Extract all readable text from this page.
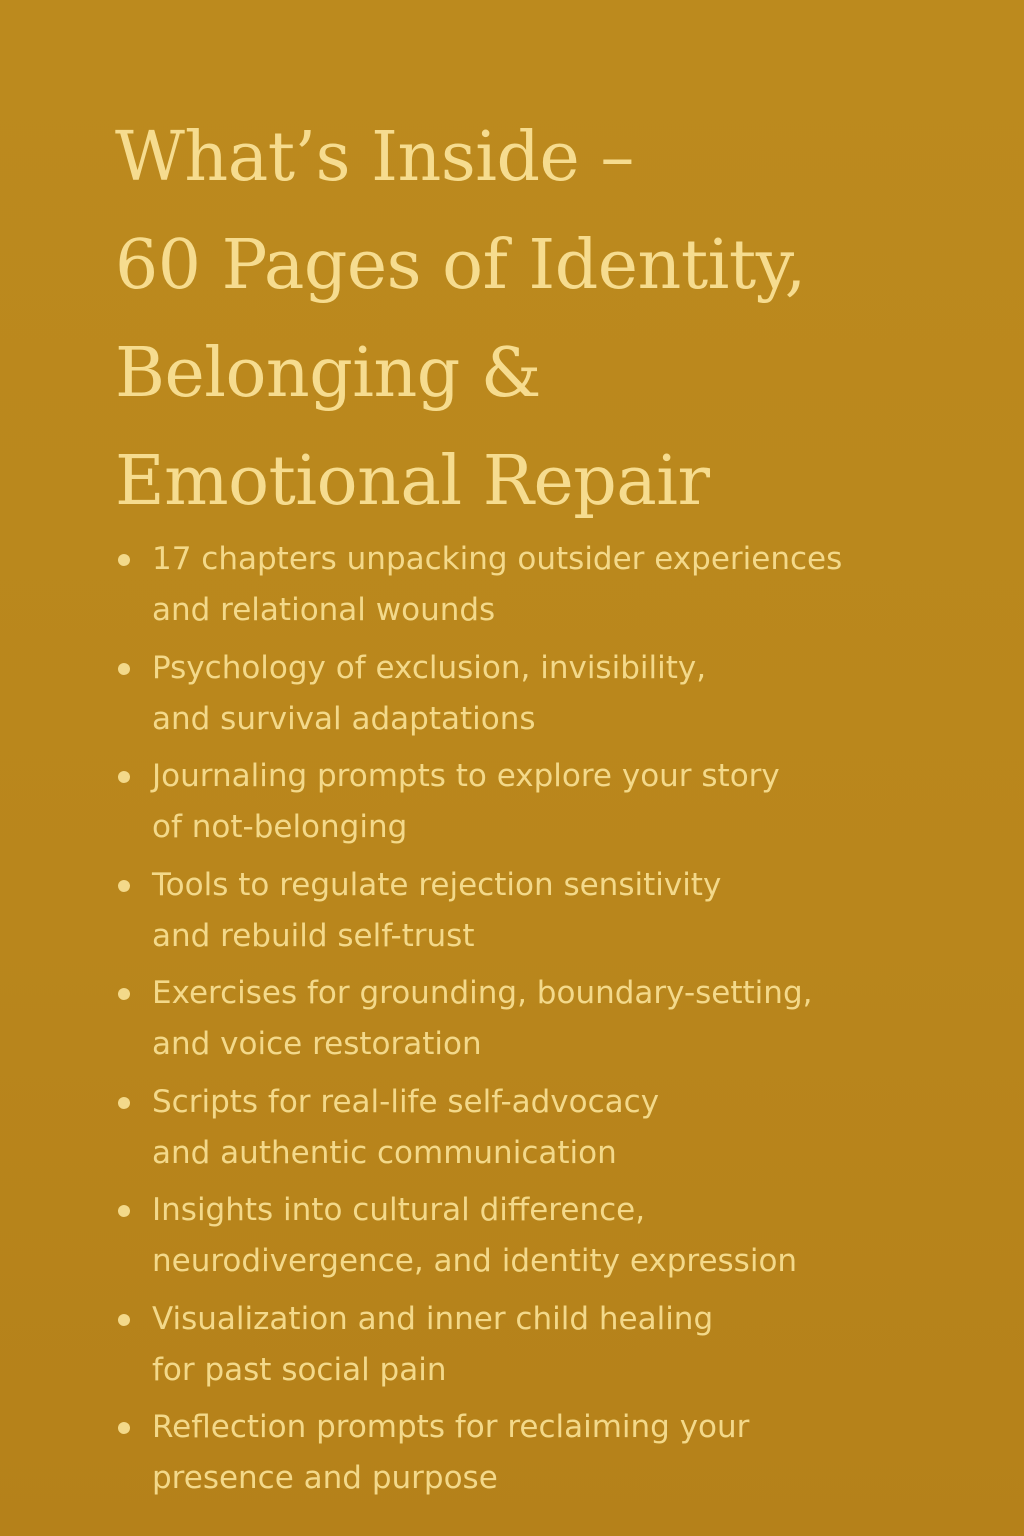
What’s Inside –
60 Pages of Identity,
Belonging &
Emotional Repair
17 chapters unpacking outsider experiences
and relational wounds
Psychology of exclusion, invisibility,
and survival adaptations
Journaling prompts to explore your story
of not-belonging
Tools to regulate rejection sensitivity
and rebuild self-trust
Exercises for grounding, boundary-setting,
and voice restoration
Scripts for real-life self-advocacy
and authentic communication
Insights into cultural difference,
neurodivergence, and identity expression
Visualization and inner child healing
for past social pain
Reflection prompts for reclaiming your
presence and purpose
